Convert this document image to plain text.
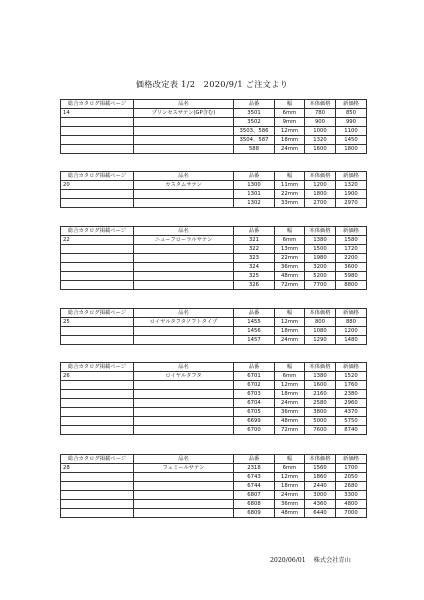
価格改定表 1/2　2020/9/1 ご注文より
総合カタログ掲載ページ	品名	品番	幅	本体価格	新価格
14	プリンセスサテン(GP含む)	3501	6mm	780	850
		3502	9mm	900	990
		3503、586	12mm	1000	1100
		3504、587	18mm	1320	1450
		588	24mm	1600	1800
総合カタログ掲載ページ	品名	品番	幅	本体価格	新価格
20	カスタムサテン	1300	11mm	1200	1320
		1301	22mm	1800	1900
		1302	33mm	2700	2970
総合カタログ掲載ページ	品名	品番	幅	本体価格	新価格
22	ニューフローラルサテン	321	6mm	1380	1580
		322	13mm	1500	1720
		323	22mm	1980	2200
		324	36mm	3200	3600
		325	48mm	5200	5980
		326	72mm	7700	8800
総合カタログ掲載ページ	品名	品番	幅	本体価格	新価格
25	ロイヤルタフタソフトタイプ	1455	12mm	800	880
		1456	18mm	1080	1200
		1457	24mm	1290	1480
総合カタログ掲載ページ	品名	品番	幅	本体価格	新価格
26	ロイヤルタフタ	6701	6mm	1380	1520
		6702	12mm	1600	1760
		6703	18mm	2160	2380
		6704	24mm	2580	2960
		6705	36mm	3800	4370
		6699	48mm	5000	5750
		6700	72mm	7600	8740
総合カタログ掲載ページ	品名	品番	幅	本体価格	新価格
28	フェミールサテン	2318	6mm	1560	1700
		6743	12mm	1860	2050
		6744	18mm	2440	2680
		6807	24mm	3000	3300
		6808	36mm	4360	4800
		6809	48mm	6440	7000
2020/06/01 株式会社青山
